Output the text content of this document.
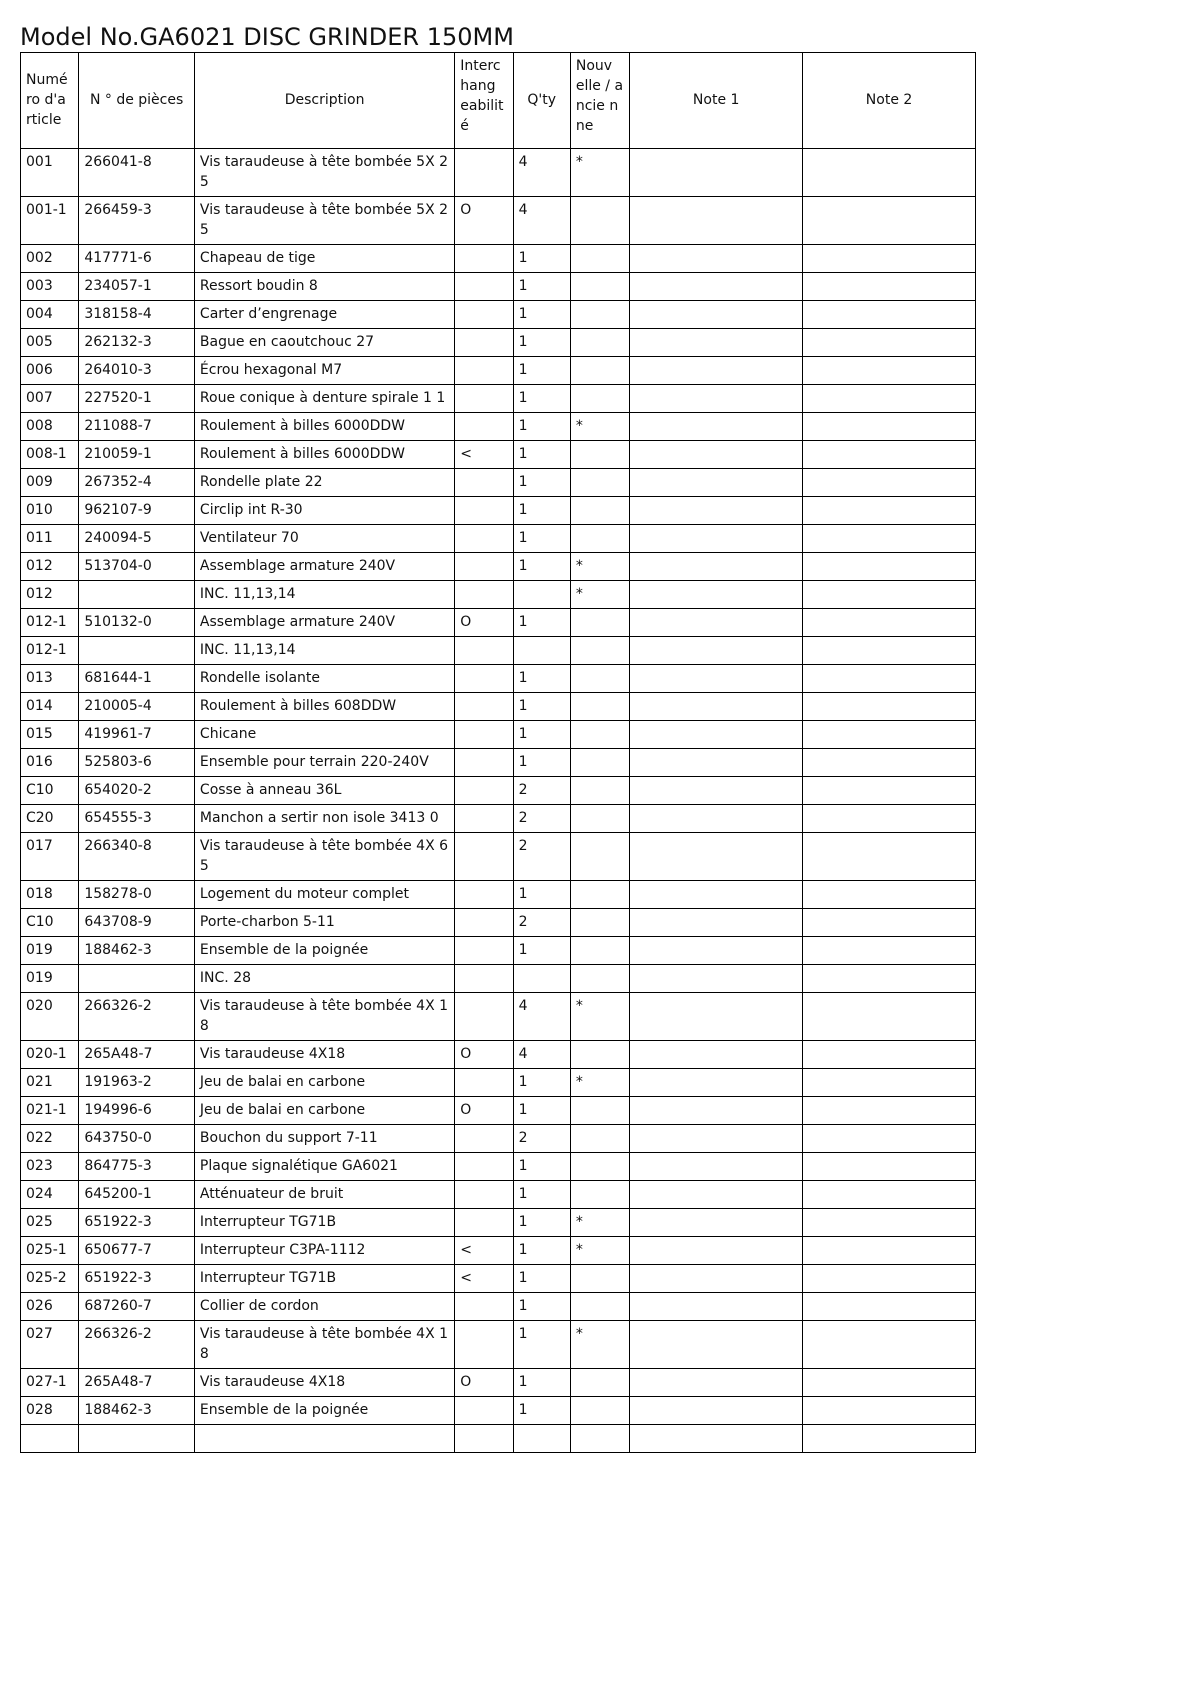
Model No.GA6021 DISC GRINDER 150MM
Numé ro d'a rticle	N ° de pièces	Description	Interc hang eabilit é	Q'ty	Nouv elle / ancie nne	Note 1	Note 2
001	266041-8	Vis taraudeuse à tête bombée 5X 25		4	*		
001-1	266459-3	Vis taraudeuse à tête bombée 5X 25	O	4			
002	417771-6	Chapeau de tige		1			
003	234057-1	Ressort boudin 8		1			
004	318158-4	Carter d’engrenage		1			
005	262132-3	Bague en caoutchouc 27		1			
006	264010-3	Écrou hexagonal M7		1			
007	227520-1	Roue conique à denture spirale 1 1		1			
008	211088-7	Roulement à billes 6000DDW		1	*		
008-1	210059-1	Roulement à billes 6000DDW	<	1			
009	267352-4	Rondelle plate 22		1			
010	962107-9	Circlip int R-30		1			
011	240094-5	Ventilateur 70		1			
012	513704-0	Assemblage armature 240V		1	*		
012		INC. 11,13,14			*		
012-1	510132-0	Assemblage armature 240V	O	1			
012-1		INC. 11,13,14					
013	681644-1	Rondelle isolante		1			
014	210005-4	Roulement à billes 608DDW		1			
015	419961-7	Chicane		1			
016	525803-6	Ensemble pour terrain 220-240V		1			
C10	654020-2	Cosse à anneau 36L		2			
C20	654555-3	Manchon a sertir non isole 3413 0		2			
017	266340-8	Vis taraudeuse à tête bombée 4X 65		2			
018	158278-0	Logement du moteur complet		1			
C10	643708-9	Porte-charbon 5-11		2			
019	188462-3	Ensemble de la poignée		1			
019		INC. 28					
020	266326-2	Vis taraudeuse à tête bombée 4X 18		4	*		
020-1	265A48-7	Vis taraudeuse 4X18	O	4			
021	191963-2	Jeu de balai en carbone		1	*		
021-1	194996-6	Jeu de balai en carbone	O	1			
022	643750-0	Bouchon du support 7-11		2			
023	864775-3	Plaque signalétique GA6021		1			
024	645200-1	Atténuateur de bruit		1			
025	651922-3	Interrupteur TG71B		1	*		
025-1	650677-7	Interrupteur C3PA-1112	<	1	*		
025-2	651922-3	Interrupteur TG71B	<	1			
026	687260-7	Collier de cordon		1			
027	266326-2	Vis taraudeuse à tête bombée 4X 18		1	*		
027-1	265A48-7	Vis taraudeuse 4X18	O	1			
028	188462-3	Ensemble de la poignée		1			
